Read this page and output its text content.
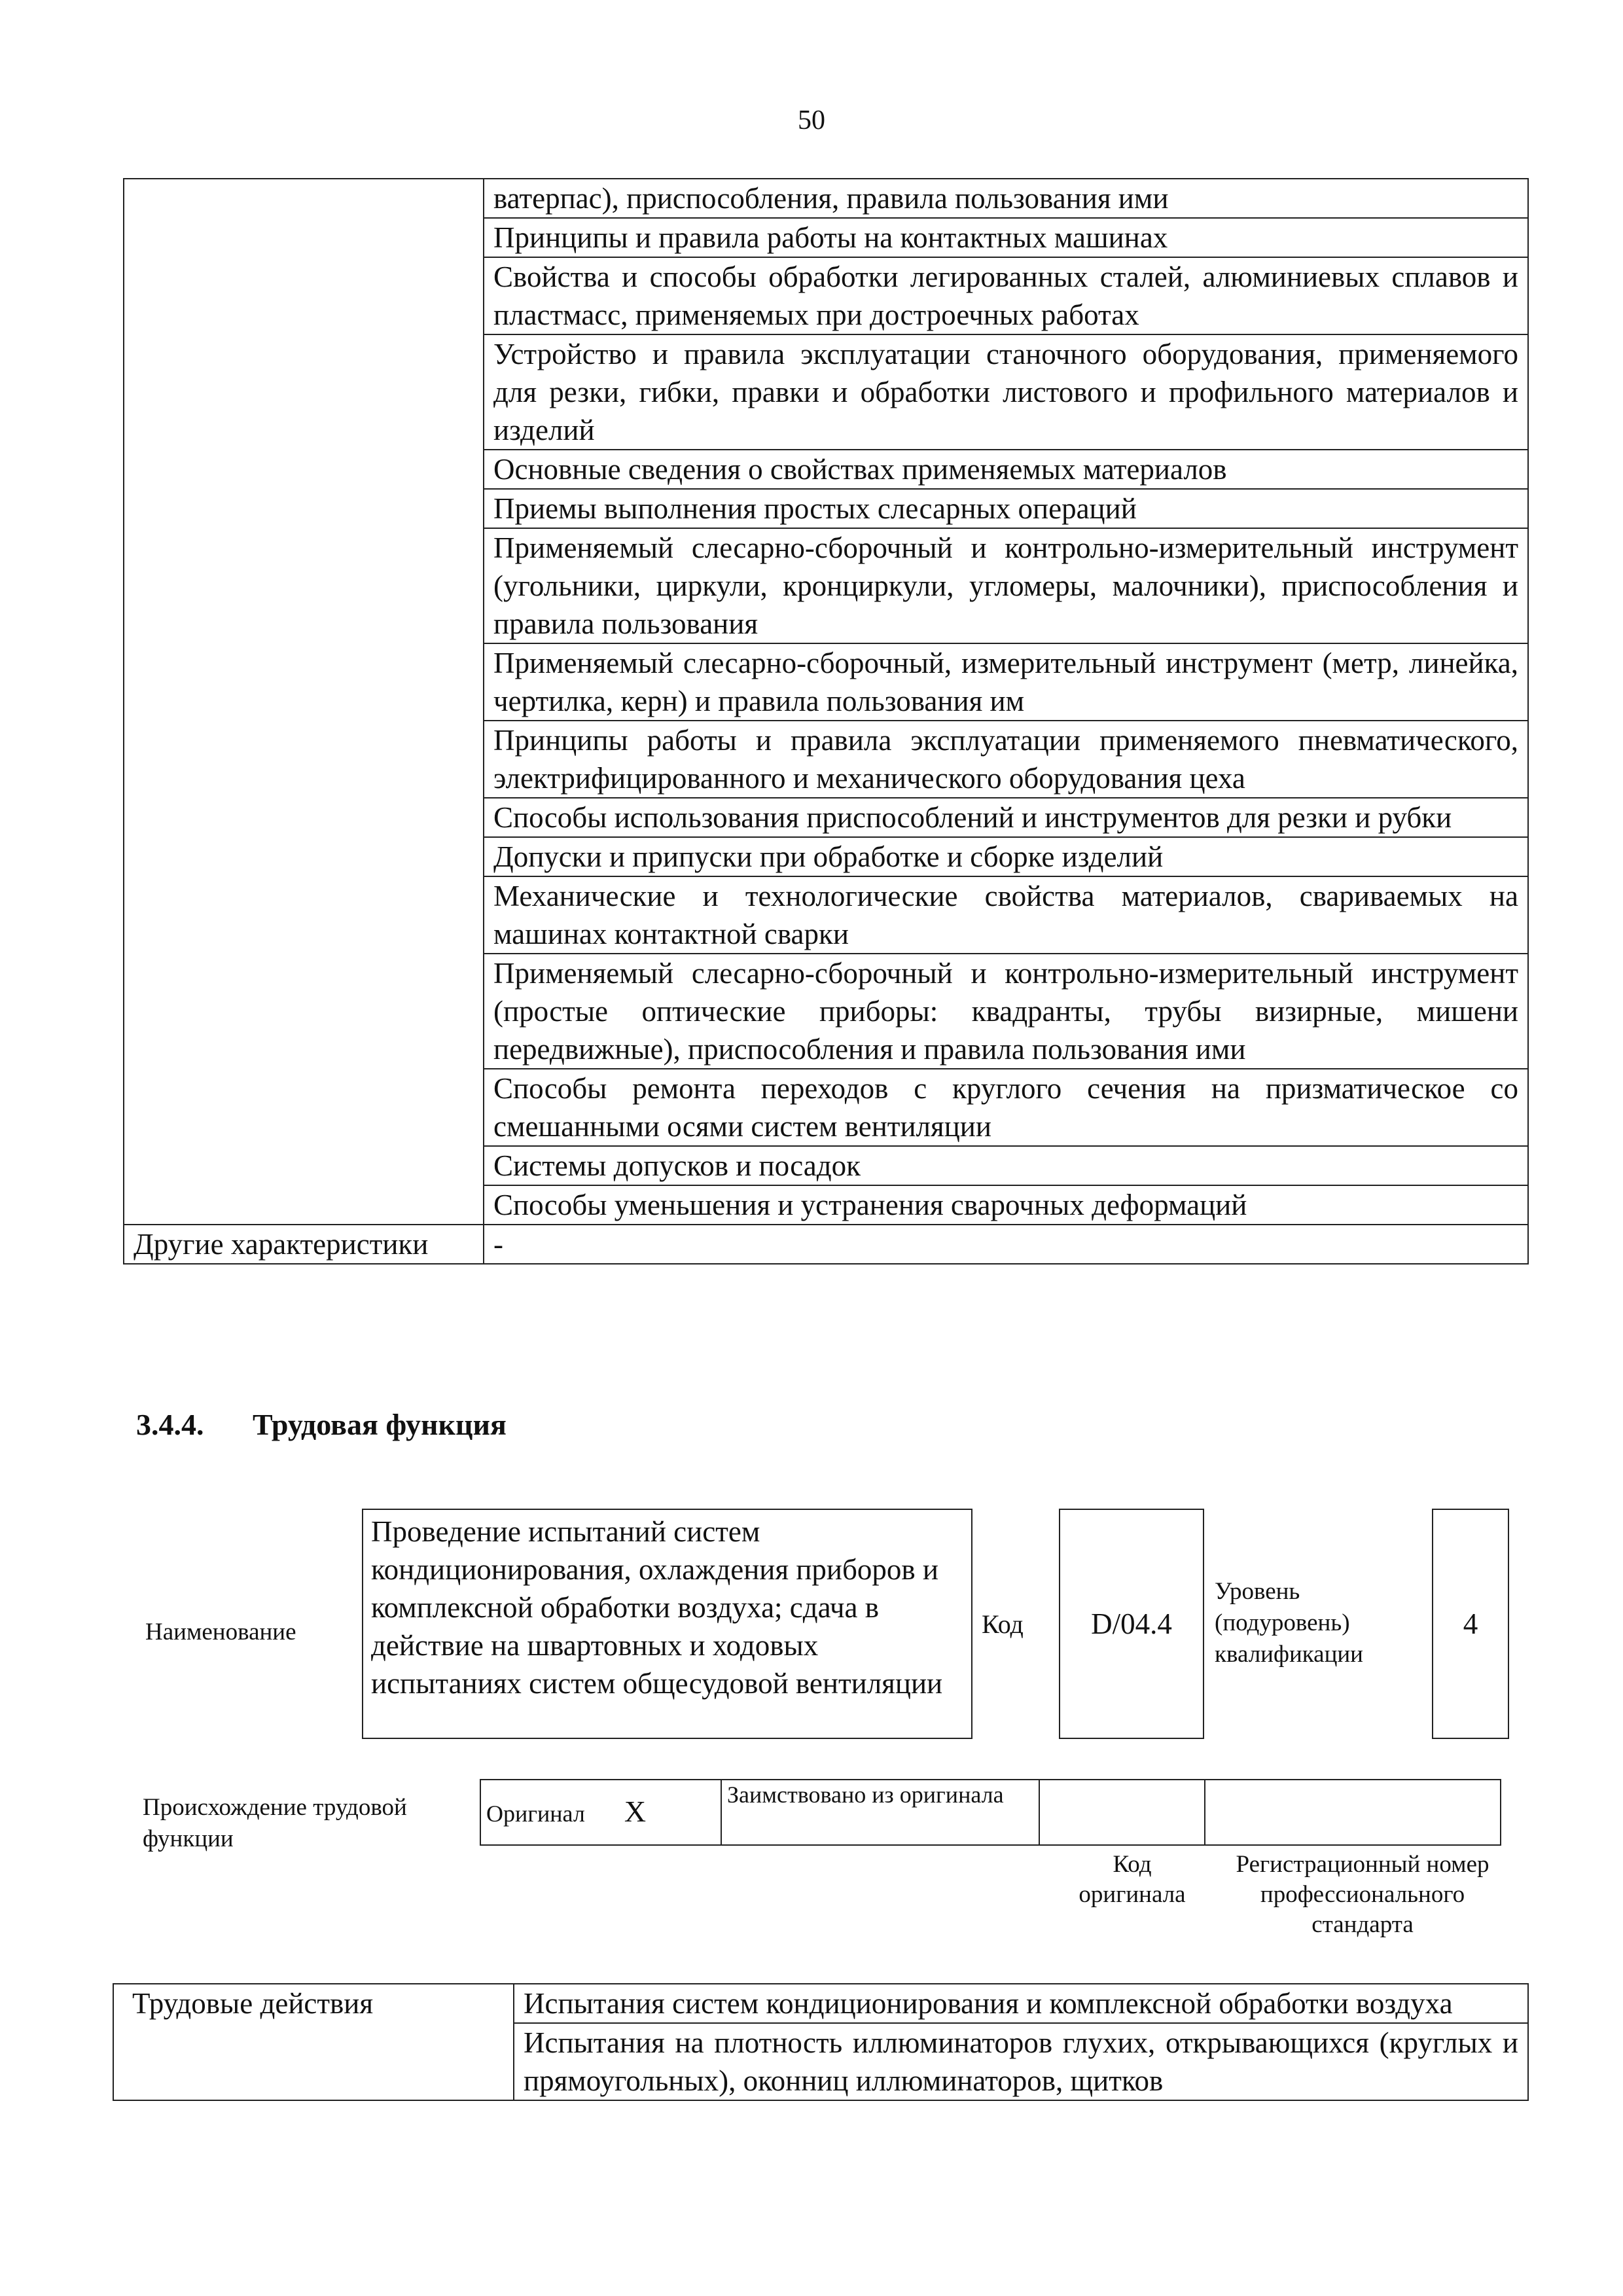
50
	ватерпас), приспособления, правила пользования ими
	Принципы и правила работы на контактных машинах
	Свойства и способы обработки легированных сталей, алюминиевых сплавов и пластмасс, применяемых при достроечных работах
	Устройство и правила эксплуатации станочного оборудования, применяемого для резки, гибки, правки и обработки листового и профильного материалов и изделий
	Основные сведения о свойствах применяемых материалов
	Приемы выполнения простых слесарных операций
	Применяемый слесарно-сборочный и контрольно-измерительный инструмент (угольники, циркули, кронциркули, угломеры, малочники), приспособления и правила пользования
	Применяемый слесарно-сборочный, измерительный инструмент (метр, линейка, чертилка, керн) и правила пользования им
	Принципы работы и правила эксплуатации применяемого пневматического, электрифицированного и механического оборудования цеха
	Способы использования приспособлений и инструментов для резки и рубки
	Допуски и припуски при обработке и сборке изделий
	Механические и технологические свойства материалов, свариваемых на машинах контактной сварки
	Применяемый слесарно-сборочный и контрольно-измерительный инструмент (простые оптические приборы: квадранты, трубы визирные, мишени передвижные), приспособления и правила пользования ими
	Способы ремонта переходов с круглого сечения на призматическое со смешанными осями систем вентиляции
	Системы допусков и посадок
	Способы уменьшения и устранения сварочных деформаций
Другие характеристики	-
3.4.4. Трудовая функция
Наименование
Проведение испытаний систем кондиционирования, охлаждения приборов и комплексной обработки воздуха; сдача в действие на швартовных и ходовых испытаниях систем общесудовой вентиляции
Код D/04.4
Уровень (подуровень) квалификации
4
Происхождение трудовой функции
Оригинал X	Заимствовано из оригинала		
Код оригинала
Регистрационный номер профессионального стандарта
Трудовые действия	Испытания систем кондиционирования и комплексной обработки воздуха
Испытания на плотность иллюминаторов глухих, открывающихся (круглых и прямоугольных), оконниц иллюминаторов, щитков
